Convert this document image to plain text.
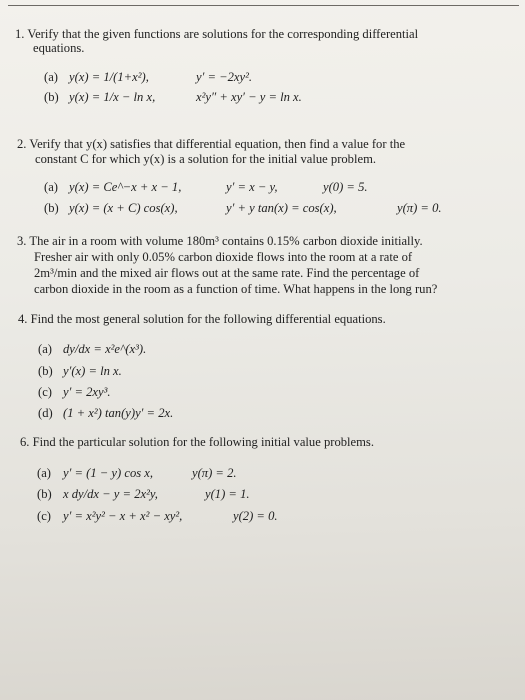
1. Verify that the given functions are solutions for the corresponding differential
equations.
(a) y(x) = 1/(1+x²),	y′ = −2xy².
(b) y(x) = 1/x − ln x,	x²y″ + xy′ − y = ln x.
2. Verify that y(x) satisfies that differential equation, then find a value for the
constant C for which y(x) is a solution for the initial value problem.
(a) y(x) = Ce^−x + x − 1,	y′ = x − y,	y(0) = 5.
(b) y(x) = (x + C) cos(x),	y′ + y tan(x) = cos(x),	y(π) = 0.
3. The air in a room with volume 180m³ contains 0.15% carbon dioxide initially.
Fresher air with only 0.05% carbon dioxide flows into the room at a rate of
2m³/min and the mixed air flows out at the same rate. Find the percentage of
carbon dioxide in the room as a function of time. What happens in the long run?
4. Find the most general solution for the following differential equations.
(a) dy/dx = x²e^(x³).
(b) y′(x) = ln x.
(c) y′ = 2xy³.
(d) (1 + x²) tan(y)y′ = 2x.
6. Find the particular solution for the following initial value problems.
(a) y′ = (1 − y) cos x,	y(π) = 2.
(b) x dy/dx − y = 2x²y,	y(1) = 1.
(c) y′ = x²y² − x + x² − xy²,	y(2) = 0.
